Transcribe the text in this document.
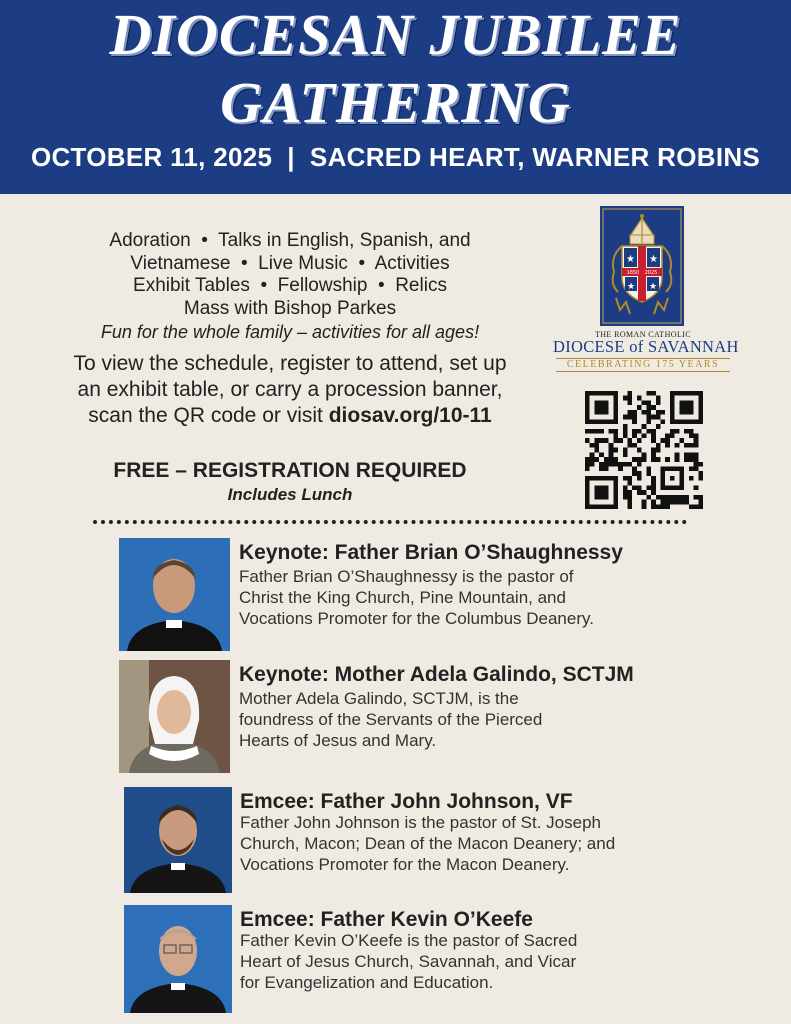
DIOCESAN JUBILEE
GATHERING
OCTOBER 11, 2025  |  SACRED HEART, WARNER ROBINS
Adoration  •  Talks in English, Spanish, and
Vietnamese  •  Live Music  •  Activities
Exhibit Tables  •  Fellowship  •  Relics
Mass with Bishop Parkes
Fun for the whole family – activities for all ages!
To view the schedule, register to attend, set up
an exhibit table, or carry a procession banner,
scan the QR code or visit diosav.org/10-11
FREE – REGISTRATION REQUIRED
Includes Lunch
★ ★
★ ★
1850 2025
THE ROMAN CATHOLIC
DIOCESE of SAVANNAH
CELEBRATING 175 YEARS
Keynote: Father Brian O’Shaughnessy
Father Brian O’Shaughnessy is the pastor of
Christ the King Church, Pine Mountain, and
Vocations Promoter for the Columbus Deanery.
Keynote: Mother Adela Galindo, SCTJM
Mother Adela Galindo, SCTJM, is the
foundress of the Servants of the Pierced
Hearts of Jesus and Mary.
Emcee: Father John Johnson, VF
Father John Johnson is the pastor of St. Joseph
Church, Macon; Dean of the Macon Deanery; and
Vocations Promoter for the Macon Deanery.
Emcee: Father Kevin O’Keefe
Father Kevin O’Keefe is the pastor of Sacred
Heart of Jesus Church, Savannah, and Vicar
for Evangelization and Education.
